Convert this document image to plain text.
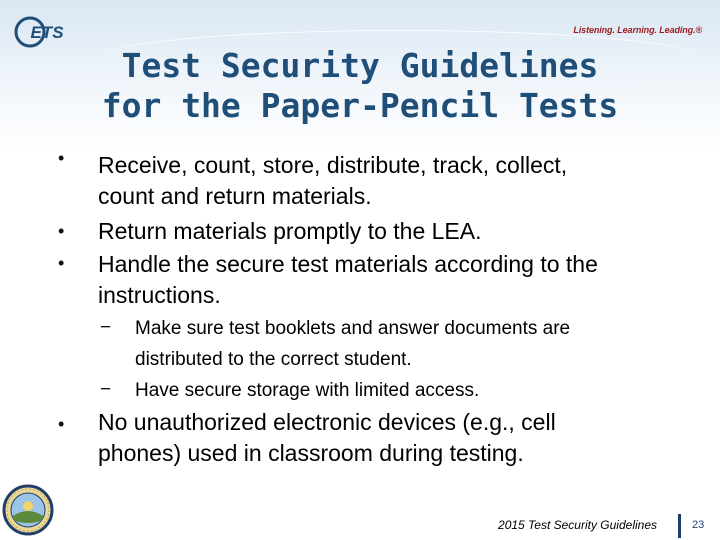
ETS	Listening. Learning. Leading.®
Test Security Guidelines
for the Paper-Pencil Tests
• Receive, count, store, distribute, track, collect,
count and return materials.
• Return materials promptly to the LEA.
• Handle the secure test materials according to the
instructions.
− Make sure test booklets and answer documents are
distributed to the correct student.
− Have secure storage with limited access.
• No unauthorized electronic devices (e.g., cell
phones) used in classroom during testing.
2015 Test Security Guidelines	23
